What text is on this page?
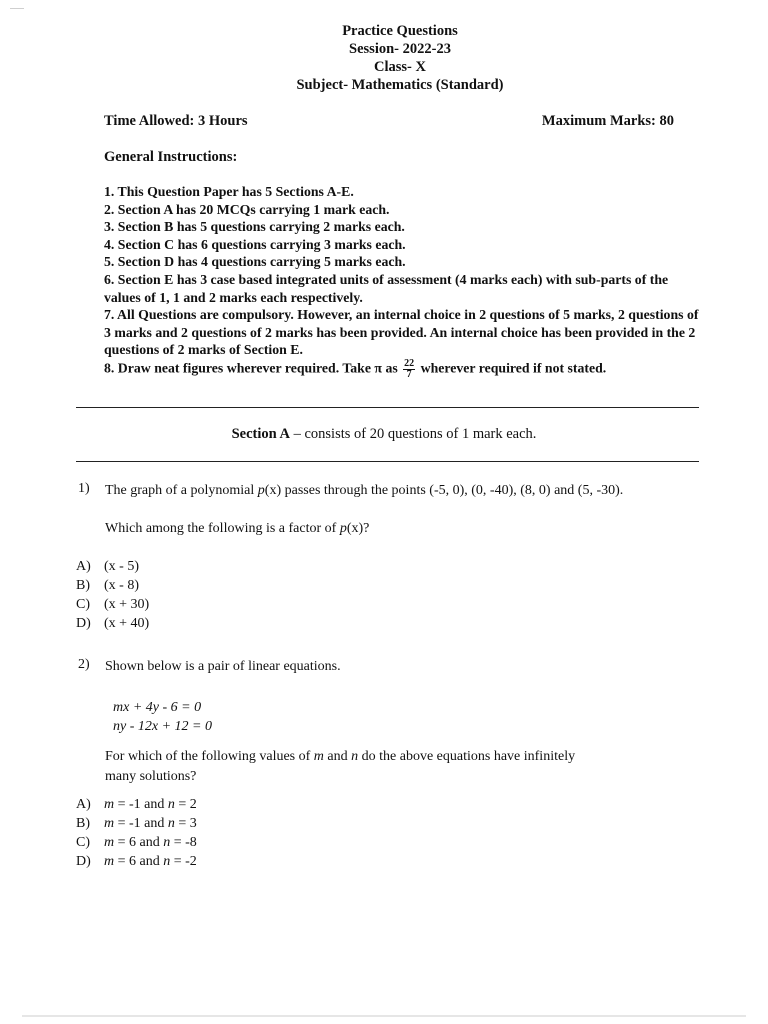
Practice Questions
Session- 2022-23
Class- X
Subject- Mathematics (Standard)
Time Allowed: 3 Hours	Maximum Marks: 80
General Instructions:

1. This Question Paper has 5 Sections A-E.

2. Section A has 20 MCQs carrying 1 mark each.

3. Section B has 5 questions carrying 2 marks each.

4. Section C has 6 questions carrying 3 marks each.

5. Section D has 4 questions carrying 5 marks each.

6. Section E has 3 case based integrated units of assessment (4 marks each) with sub-parts of the values of 1, 1 and 2 marks each respectively.

7. All Questions are compulsory. However, an internal choice in 2 questions of 5 marks, 2 questions of 3 marks and 2 questions of 2 marks has been provided. An internal choice has been provided in the 2 questions of 2 marks of Section E.

8. Draw neat figures wherever required. Take π as $\frac{22}{7}$ wherever required if not stated.

Section A – consists of 20 questions of 1 mark each.
1) The graph of a polynomial p(x) passes through the points (-5, 0), (0, -40), (8, 0) and (5, -30).
Which among the following is a factor of p(x)?
A) (x - 5)
B) (x - 8)
C) (x + 30)
D) (x + 40)
2) Shown below is a pair of linear equations.
mx + 4y - 6 = 0
ny - 12x + 12 = 0
For which of the following values of m and n do the above equations have infinitely
many solutions?
A) m = -1 and n = 2
B) m = -1 and n = 3
C) m = 6 and n = -8
D) m = 6 and n = -2
